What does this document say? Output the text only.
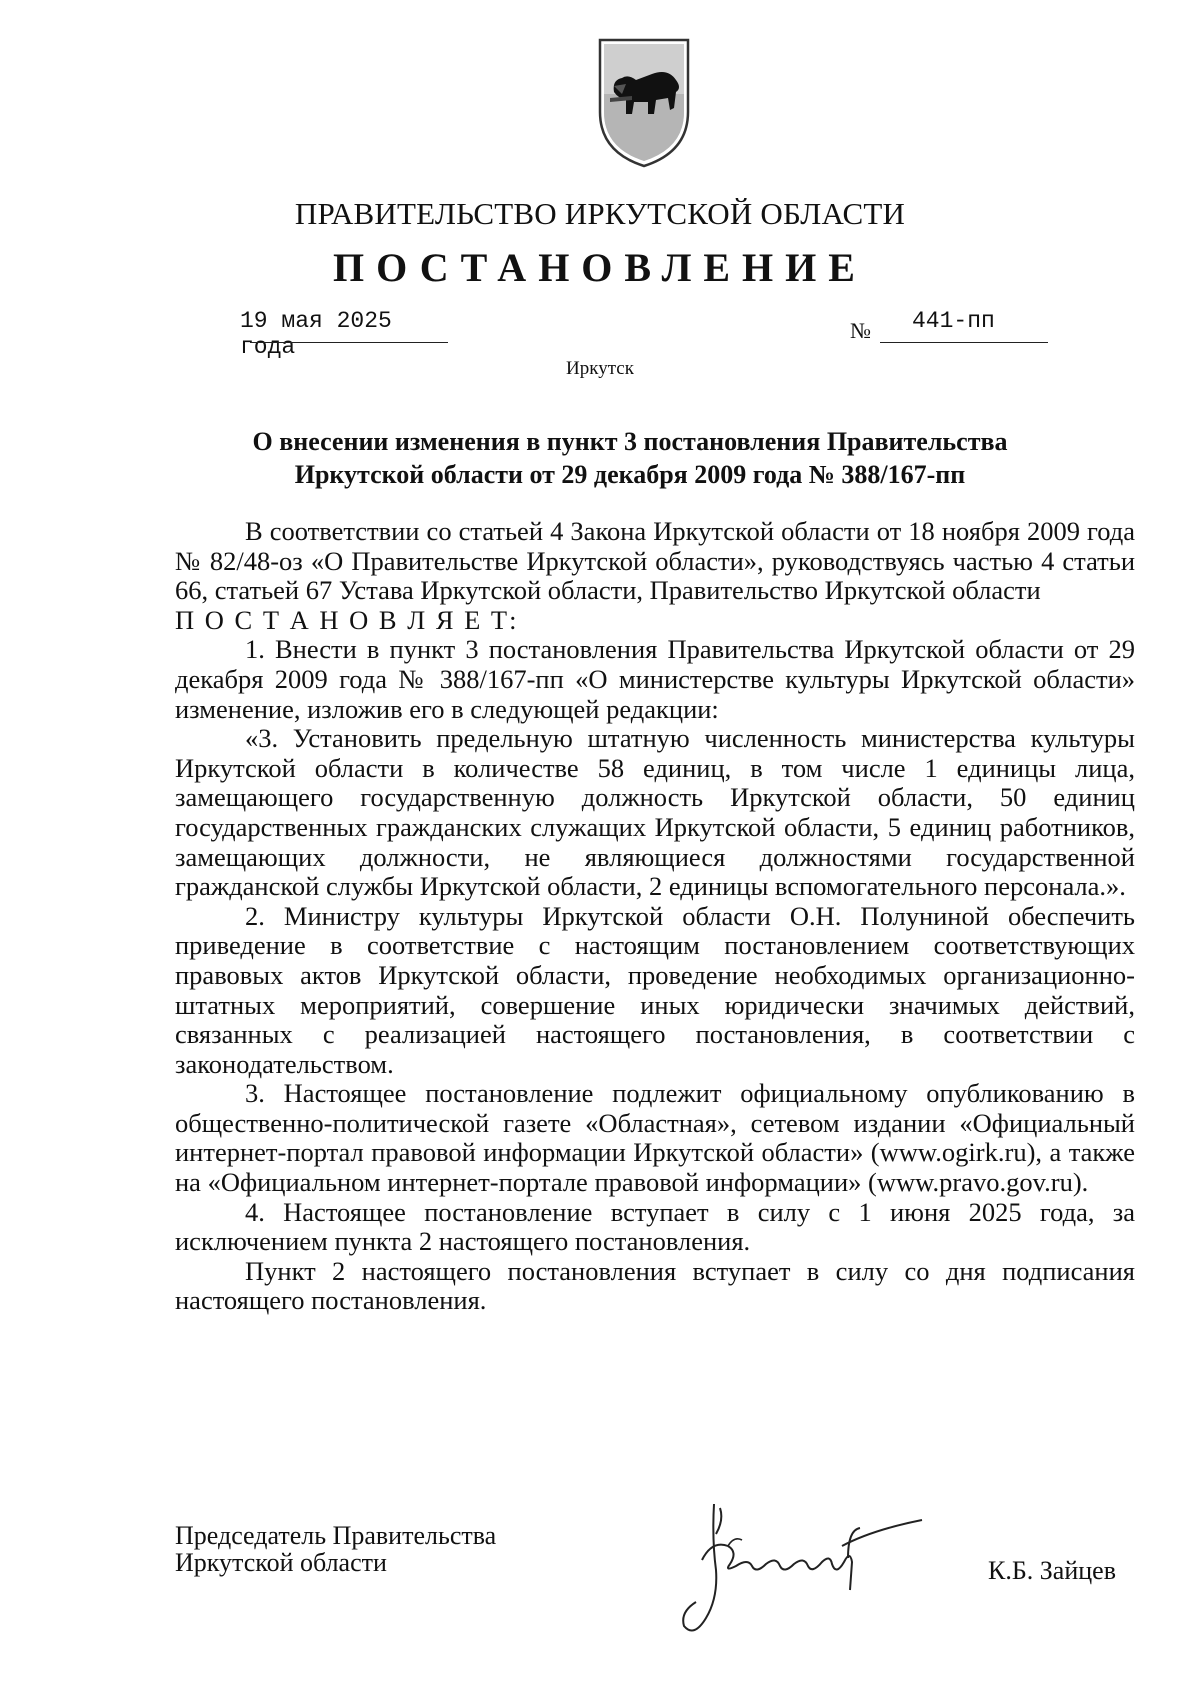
ПРАВИТЕЛЬСТВО ИРКУТСКОЙ ОБЛАСТИ
ПОСТАНОВЛЕНИЕ
19 мая 2025 года
№ 441-пп
Иркутск
О внесении изменения в пункт 3 постановления Правительства
Иркутской области от 29 декабря 2009 года № 388/167-пп

В соответствии со статьей 4 Закона Иркутской области от 18 ноября 2009 года № 82/48-оз «О Правительстве Иркутской области», руководствуясь частью 4 статьи 66, статьей 67 Устава Иркутской области, Правительство Иркутской области

П О С Т А Н О В Л Я Е Т:

1. Внести в пункт 3 постановления Правительства Иркутской области от 29 декабря 2009 года № 388/167-пп «О министерстве культуры Иркутской области» изменение, изложив его в следующей редакции:

«3. Установить предельную штатную численность министерства культуры Иркутской области в количестве 58 единиц, в том числе 1 единицы лица, замещающего государственную должность Иркутской области, 50 единиц государственных гражданских служащих Иркутской области, 5 единиц работников, замещающих должности, не являющиеся должностями государственной гражданской службы Иркутской области, 2 единицы вспомогательного персонала.».

2. Министру культуры Иркутской области О.Н. Полуниной обеспечить приведение в соответствие с настоящим постановлением соответствующих правовых актов Иркутской области, проведение необходимых организационно-штатных мероприятий, совершение иных юридически значимых действий, связанных с реализацией настоящего постановления, в соответствии с законодательством.

3. Настоящее постановление подлежит официальному опубликованию в общественно-политической газете «Областная», сетевом издании «Официальный интернет-портал правовой информации Иркутской области» (www.ogirk.ru), а также на «Официальном интернет-портале правовой информации» (www.pravo.gov.ru).

4. Настоящее постановление вступает в силу с 1 июня 2025 года, за исключением пункта 2 настоящего постановления.

Пункт 2 настоящего постановления вступает в силу со дня подписания настоящего постановления.

Председатель Правительства
Иркутской области	К.Б. Зайцев
